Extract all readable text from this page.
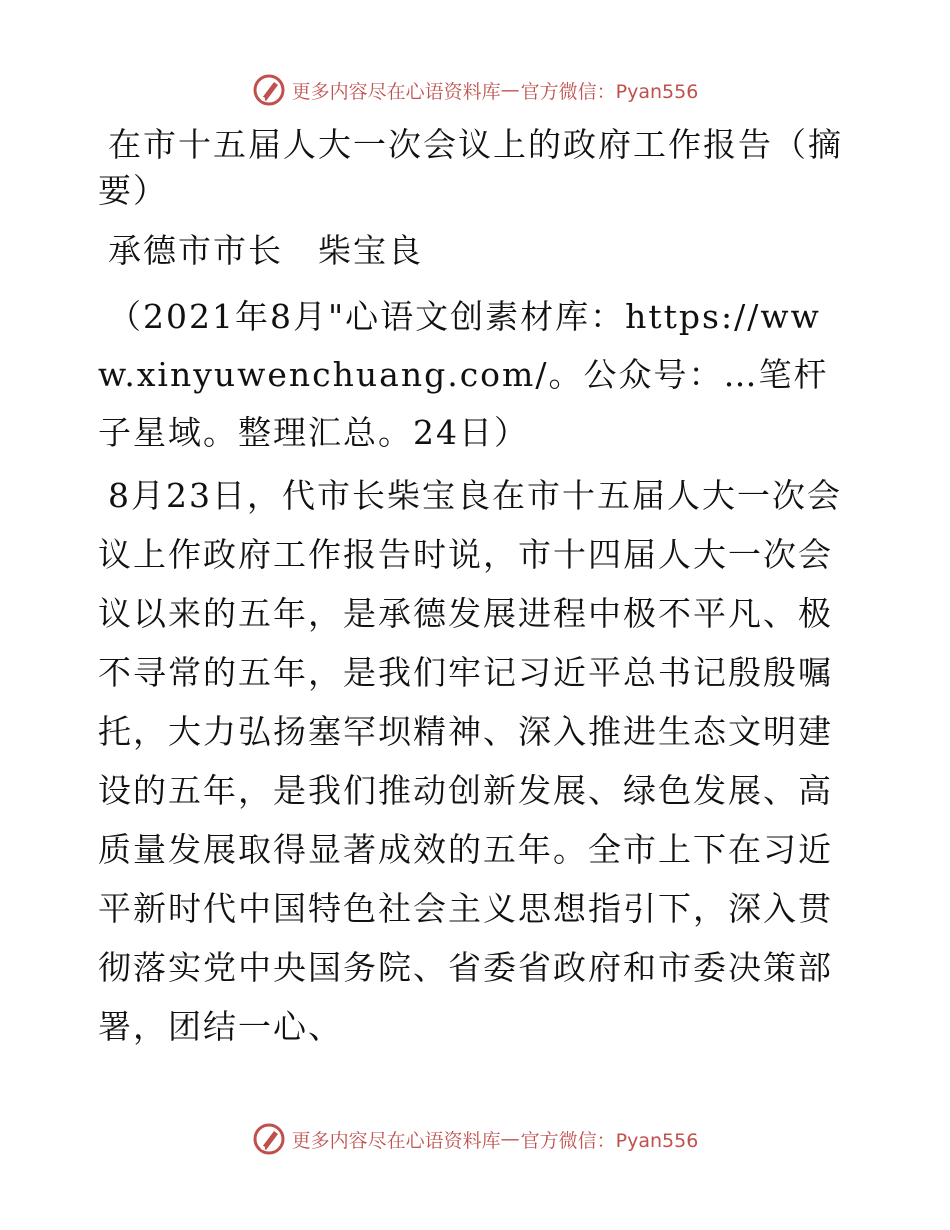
更多内容尽在心语资料库 — 官方微信：Pyan556

在市十五届人大一次会议上的政府工作报告（摘要）

承德市市长　柴宝良

（2021年8月"心语文创素材库：https://www.xinyuwenchuang.com/。公众号：…笔杆子星域。整理汇总。24日）

8月23日，代市长柴宝良在市十五届人大一次会议上作政府工作报告时说，市十四届人大一次会议以来的五年，是承德发展进程中极不平凡、极不寻常的五年，是我们牢记习近平总书记殷殷嘱托，大力弘扬塞罕坝精神、深入推进生态文明建设的五年，是我们推动创新发展、绿色发展、高质量发展取得显著成效的五年。全市上下在习近平新时代中国特色社会主义思想指引下，深入贯彻落实党中央国务院、省委省政府和市委决策部署，团结一心、

更多内容尽在心语资料库 — 官方微信：Pyan556
